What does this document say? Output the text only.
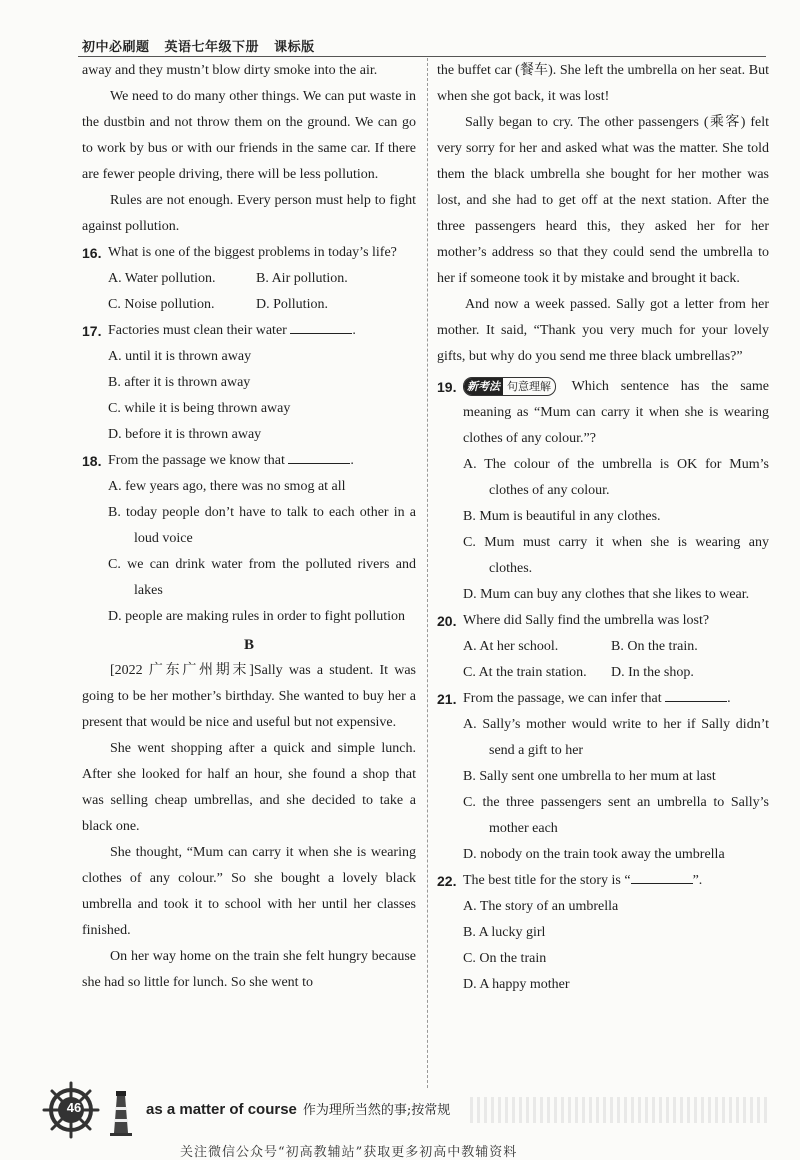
初中必刷题 英语七年级下册 课标版

away and they mustn’t blow dirty smoke into the air.

We need to do many other things. We can put waste in the dustbin and not throw them on the ground. We can go to work by bus or with our friends in the same car. If there are fewer people driving, there will be less pollution.

Rules are not enough. Every person must help to fight against pollution.

16. What is one of the biggest problems in today’s life?
A. Water pollution.	B. Air pollution.
C. Noise pollution.	D. Pollution.
17. Factories must clean their water	.

A. until it is thrown away

B. after it is thrown away

C. while it is being thrown away

D. before it is thrown away

18. From the passage we know that	.

A. few years ago, there was no smog at all

B. today people don’t have to talk to each other in a loud voice

C. we can drink water from the polluted rivers and lakes

D. people are making rules in order to fight pollution

B

[2022 广东广州期末]Sally was a student. It was going to be her mother’s birthday. She wanted to buy her a present that would be nice and useful but not expensive.

She went shopping after a quick and simple lunch. After she looked for half an hour, she found a shop that was selling cheap umbrellas, and she decided to take a black one.

She thought, “Mum can carry it when she is wearing clothes of any colour.” So she bought a lovely black umbrella and took it to school with her until her classes finished.

On her way home on the train she felt hungry because she had so little for lunch. So she went to

the buffet car (餐车). She left the umbrella on her seat. But when she got back, it was lost!

Sally began to cry. The other passengers (乘客) felt very sorry for her and asked what was the matter. She told them the black umbrella she bought for her mother was lost, and she had to get off at the next station. After the three passengers heard this, they asked her for her mother’s address so that they could send the umbrella to her if someone took it by mistake and brought it back.

And now a week passed. Sally got a letter from her mother. It said, “Thank you very much for your lovely gifts, but why do you send me three black umbrellas?”

19. 新考法 句意理解 Which sentence has the same meaning as “Mum can carry it when she is wearing clothes of any colour.”?

A. The colour of the umbrella is OK for Mum’s clothes of any colour.

B. Mum is beautiful in any clothes.

C. Mum must carry it when she is wearing any clothes.

D. Mum can buy any clothes that she likes to wear.

20. Where did Sally find the umbrella was lost?
A. At her school.	B. On the train.
C. At the train station.	D. In the shop.
21. From the passage, we can infer that	.

A. Sally’s mother would write to her if Sally didn’t send a gift to her

B. Sally sent one umbrella to her mum at last

C. the three passengers sent an umbrella to Sally’s mother each

D. nobody on the train took away the umbrella

22. The best title for the story is “	”.

A. The story of an umbrella

B. A lucky girl

C. On the train

D. A happy mother

46	as a matter of course 作为理所当然的事;按常规
关注微信公众号“初高教辅站”获取更多初高中教辅资料
